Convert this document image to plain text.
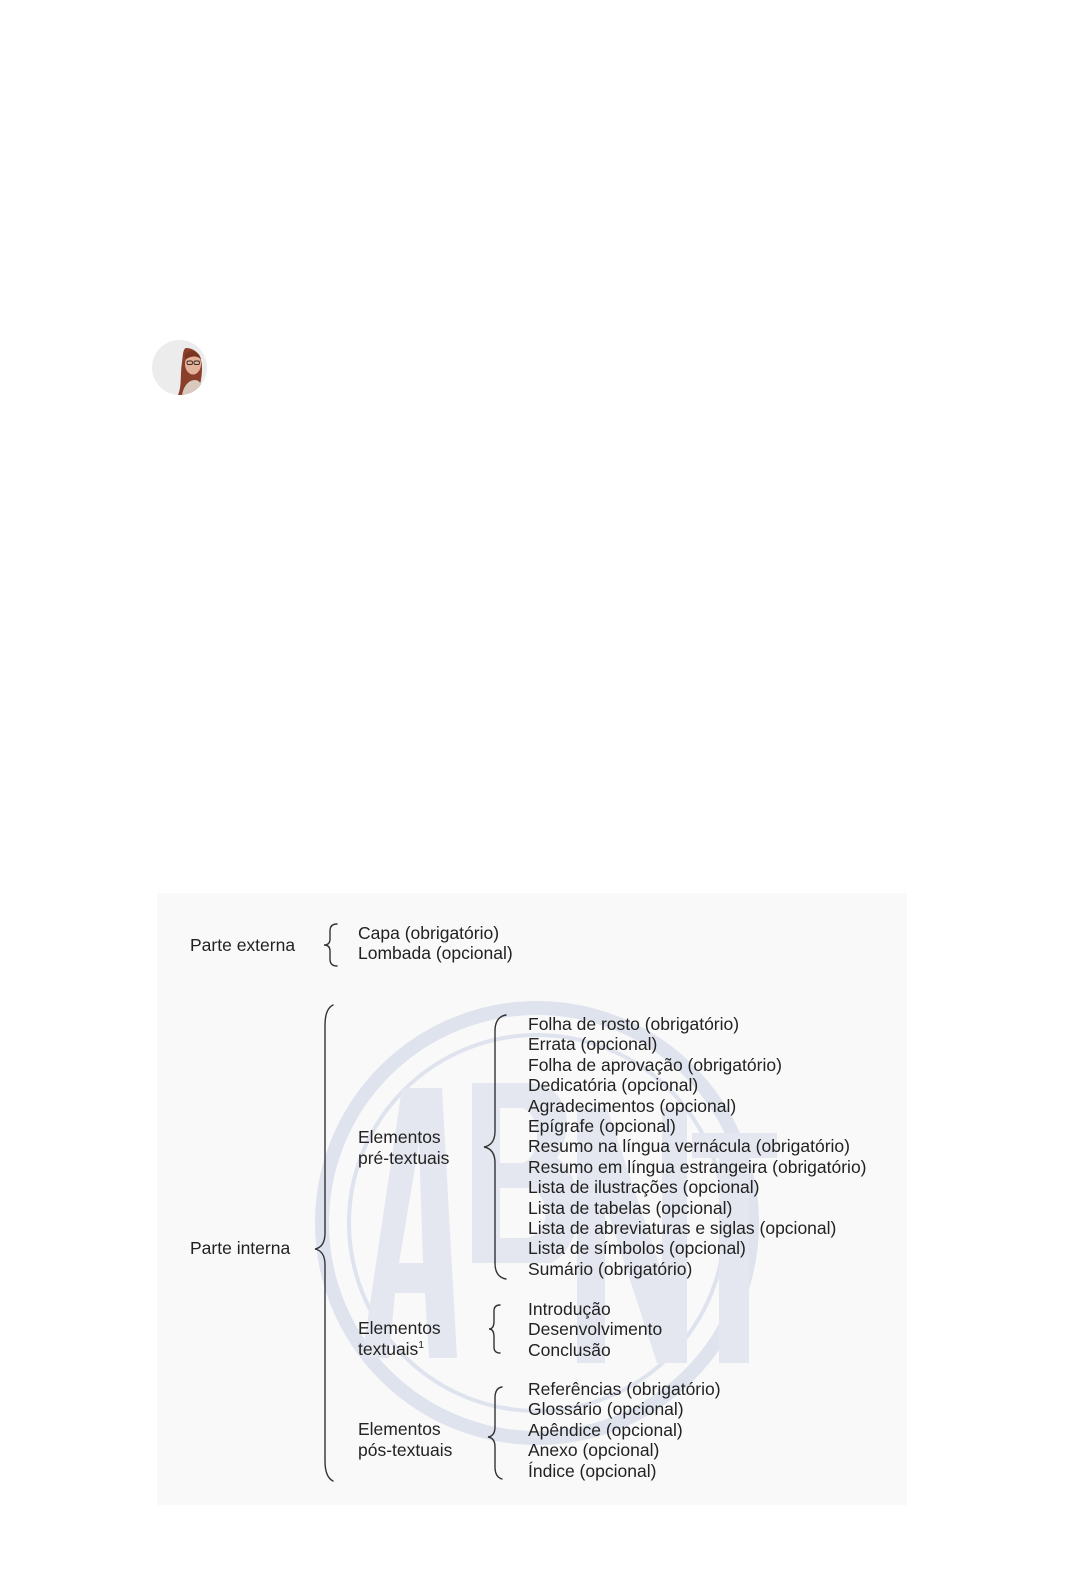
Parte externa
Capa (obrigatório)
Lombada (opcional)
Parte interna
Elementos
pré-textuais
Folha de rosto (obrigatório)
Errata (opcional)
Folha de aprovação (obrigatório)
Dedicatória (opcional)
Agradecimentos (opcional)
Epígrafe (opcional)
Resumo na língua vernácula (obrigatório)
Resumo em língua estrangeira (obrigatório)
Lista de ilustrações (opcional)
Lista de tabelas (opcional)
Lista de abreviaturas e siglas (opcional)
Lista de símbolos (opcional)
Sumário (obrigatório)
Elementos
textuais$^1$
Introdução
Desenvolvimento
Conclusão
Elementos
pós-textuais
Referências (obrigatório)
Glossário (opcional)
Apêndice (opcional)
Anexo (opcional)
Índice (opcional)
